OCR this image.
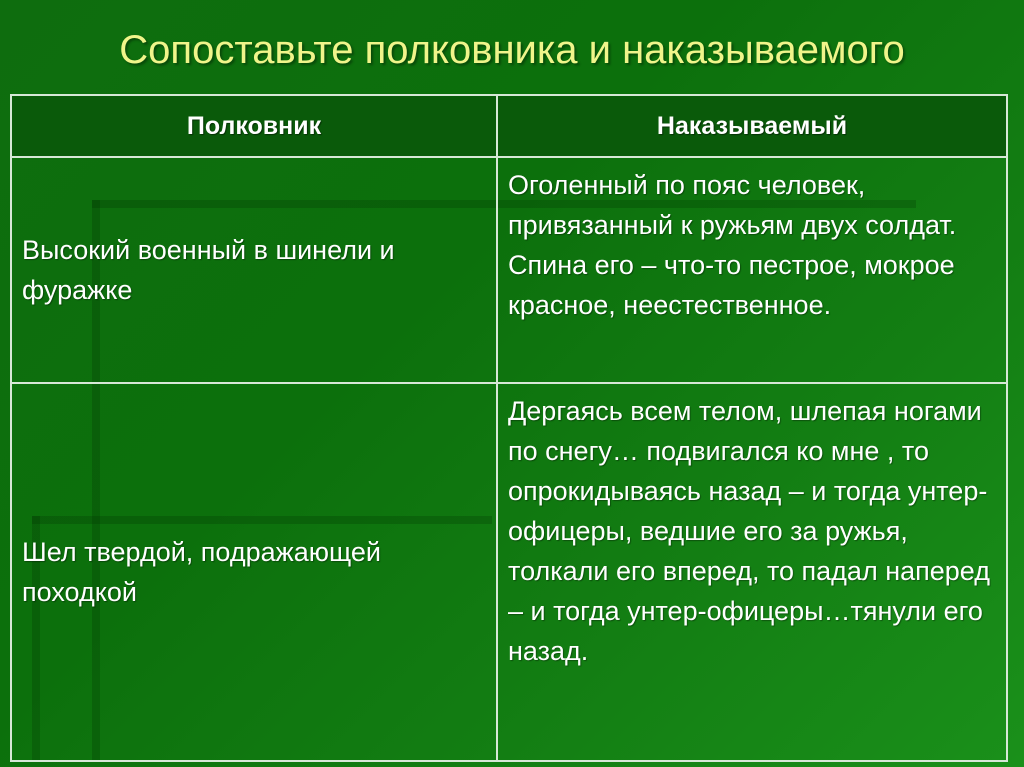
Сопоставьте полковника и наказываемого
Полковник	Наказываемый
Высокий военный в шинели и фуражке	Оголенный по пояс человек, привязанный к ружьям двух солдат. Спина его – что-то пестрое, мокрое красное, неестественное.
Шел твердой, подражающей походкой	Дергаясь всем телом, шлепая ногами по снегу… подвигался ко мне , то опрокидываясь назад – и тогда унтер-офицеры, ведшие его за ружья, толкали его вперед, то падал наперед – и тогда унтер-офицеры…тянули его назад.
